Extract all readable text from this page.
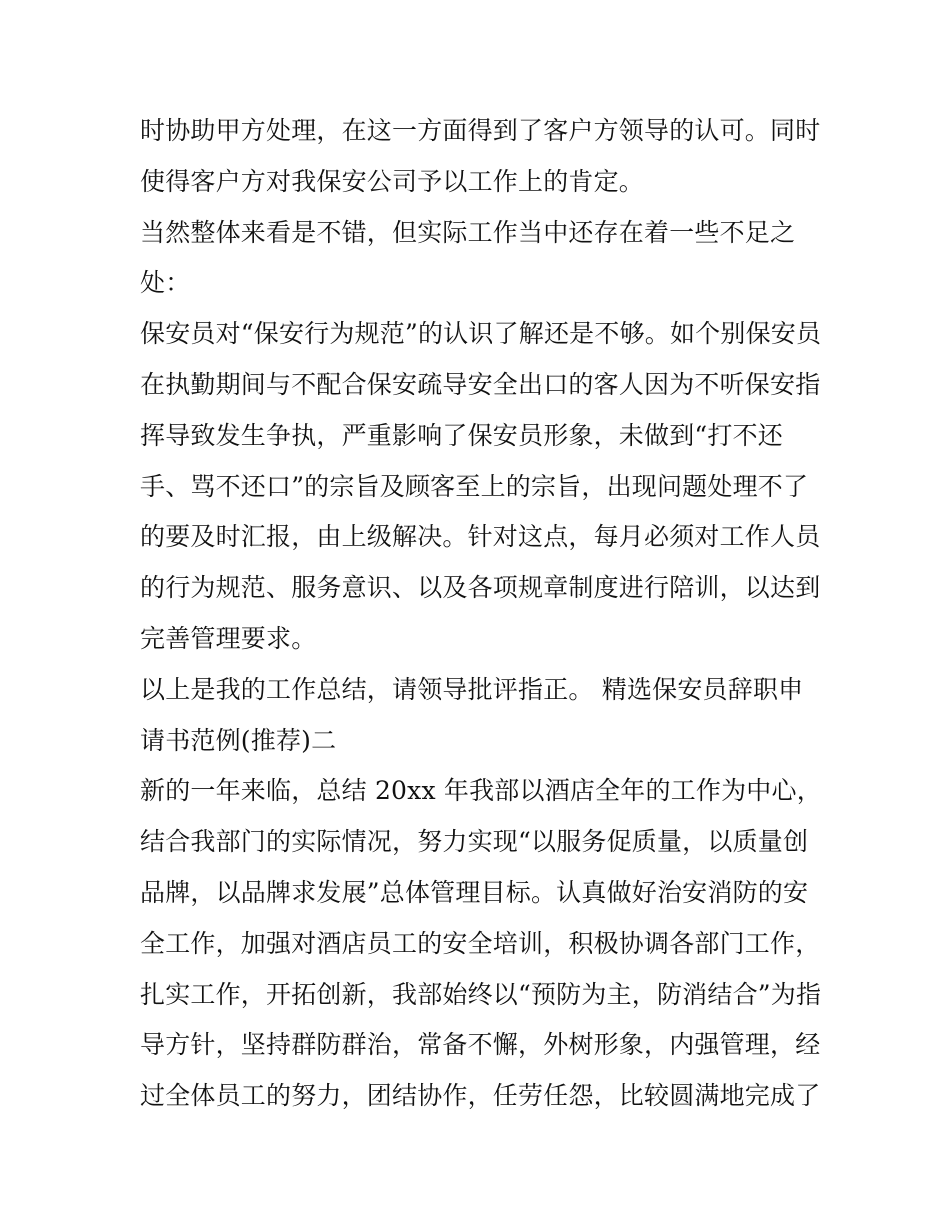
时协助甲方处理，在这一方面得到了客户方领导的认可。同时
使得客户方对我保安公司予以工作上的肯定。
当然整体来看是不错，但实际工作当中还存在着一些不足之
处：
保安员对“保安行为规范”的认识了解还是不够。如个别保安员
在执勤期间与不配合保安疏导安全出口的客人因为不听保安指
挥导致发生争执，严重影响了保安员形象，未做到“打不还
手、骂不还口”的宗旨及顾客至上的宗旨，出现问题处理不了
的要及时汇报，由上级解决。针对这点，每月必须对工作人员
的行为规范、服务意识、以及各项规章制度进行陪训，以达到
完善管理要求。
以上是我的工作总结，请领导批评指正。 精选保安员辞职申
请书范例(推荐)二
新的一年来临，总结 20xx 年我部以酒店全年的工作为中心，
结合我部门的实际情况，努力实现“以服务促质量，以质量创
品牌，以品牌求发展”总体管理目标。认真做好治安消防的安
全工作，加强对酒店员工的安全培训，积极协调各部门工作，
扎实工作，开拓创新，我部始终以“预防为主，防消结合”为指
导方针，坚持群防群治，常备不懈，外树形象，内强管理，经
过全体员工的努力，团结协作，任劳任怨，比较圆满地完成了
